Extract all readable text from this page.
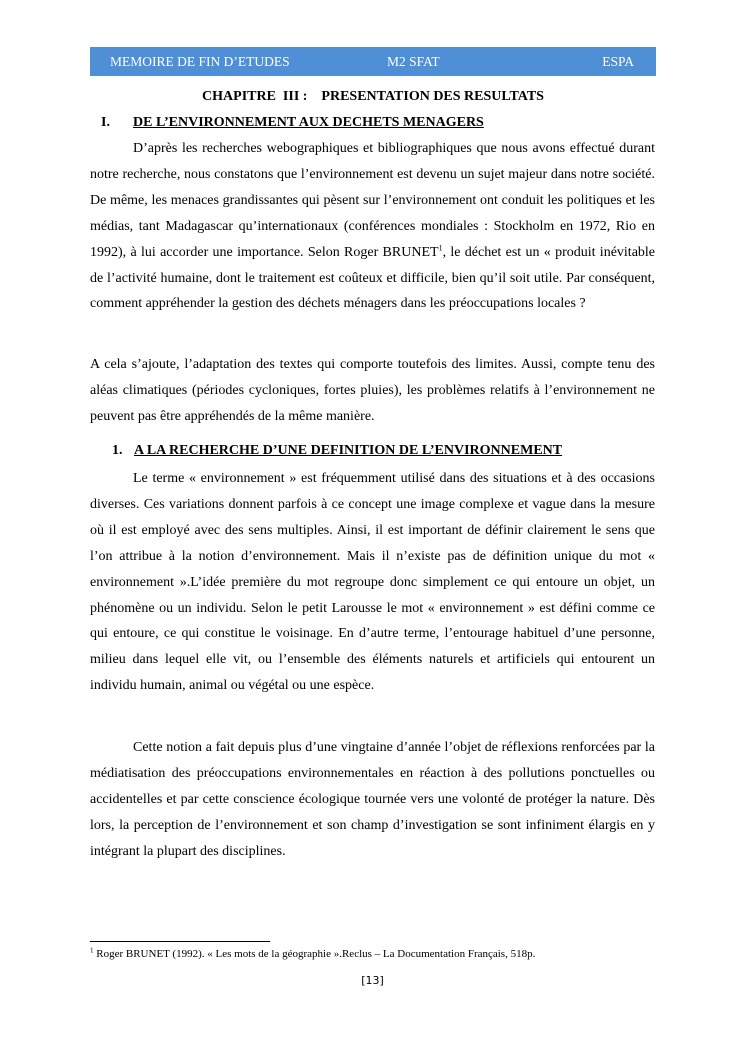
MEMOIRE DE FIN D’ETUDES	M2 SFAT	ESPA
CHAPITRE  III :    PRESENTATION DES RESULTATS
I. DE L’ENVIRONNEMENT AUX DECHETS MENAGERS

D’après les recherches webographiques et bibliographiques que nous avons effectué durant notre recherche, nous constatons que l’environnement est devenu un sujet majeur dans notre société. De même, les menaces grandissantes qui pèsent sur l’environnement ont conduit les politiques et les médias, tant Madagascar qu’internationaux (conférences mondiales : Stockholm en 1972, Rio en 1992), à lui accorder une importance. Selon Roger BRUNET$^1$, le déchet est un « produit inévitable de l’activité humaine, dont le traitement est coûteux et difficile, bien qu’il soit utile. Par conséquent, comment appréhender la gestion des déchets ménagers dans les préoccupations locales ?

A cela s’ajoute, l’adaptation des textes qui comporte toutefois des limites. Aussi, compte tenu des aléas climatiques (périodes cycloniques, fortes pluies), les problèmes relatifs à l’environnement ne peuvent pas être appréhendés de la même manière.

1. A LA RECHERCHE D’UNE DEFINITION DE L’ENVIRONNEMENT

Le terme « environnement » est fréquemment utilisé dans des situations et à des occasions diverses. Ces variations donnent parfois à ce concept une image complexe et vague dans la mesure où il est employé avec des sens multiples. Ainsi, il est important de définir clairement le sens que l’on attribue à la notion d’environnement. Mais il n’existe pas de définition unique du mot « environnement ».L’idée première du mot regroupe donc simplement ce qui entoure un objet, un phénomène ou un individu. Selon le petit Larousse le mot « environnement » est défini comme ce qui entoure, ce qui constitue le voisinage. En d’autre terme, l’entourage habituel d’une personne, milieu dans lequel elle vit, ou l’ensemble des éléments naturels et artificiels qui entourent un individu humain, animal ou végétal ou une espèce.

Cette notion a fait depuis plus d’une vingtaine d’année l’objet de réflexions renforcées par la médiatisation des préoccupations environnementales en réaction à des pollutions ponctuelles ou accidentelles et par cette conscience écologique tournée vers une volonté de protéger la nature. Dès lors, la perception de l’environnement et son champ d’investigation se sont infiniment élargis en y intégrant la plupart des disciplines.

$^1$ Roger BRUNET (1992). « Les mots de la géographie ».Reclus – La Documentation Français, 518p.
[13]
